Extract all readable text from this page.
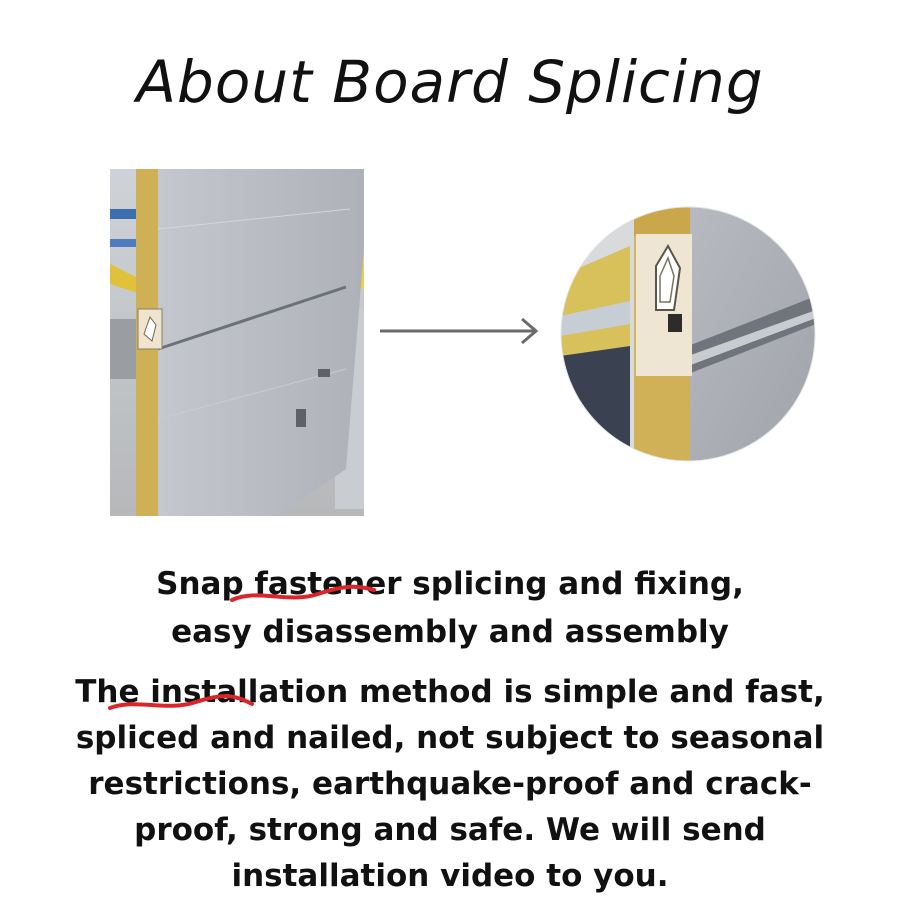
About Board Splicing
Snap fastener splicing and fixing,
easy disassembly and assembly
The installation method is simple and fast,
spliced and nailed, not subject to seasonal
restrictions, earthquake-proof and crack-
proof, strong and safe. We will send
installation video to you.
